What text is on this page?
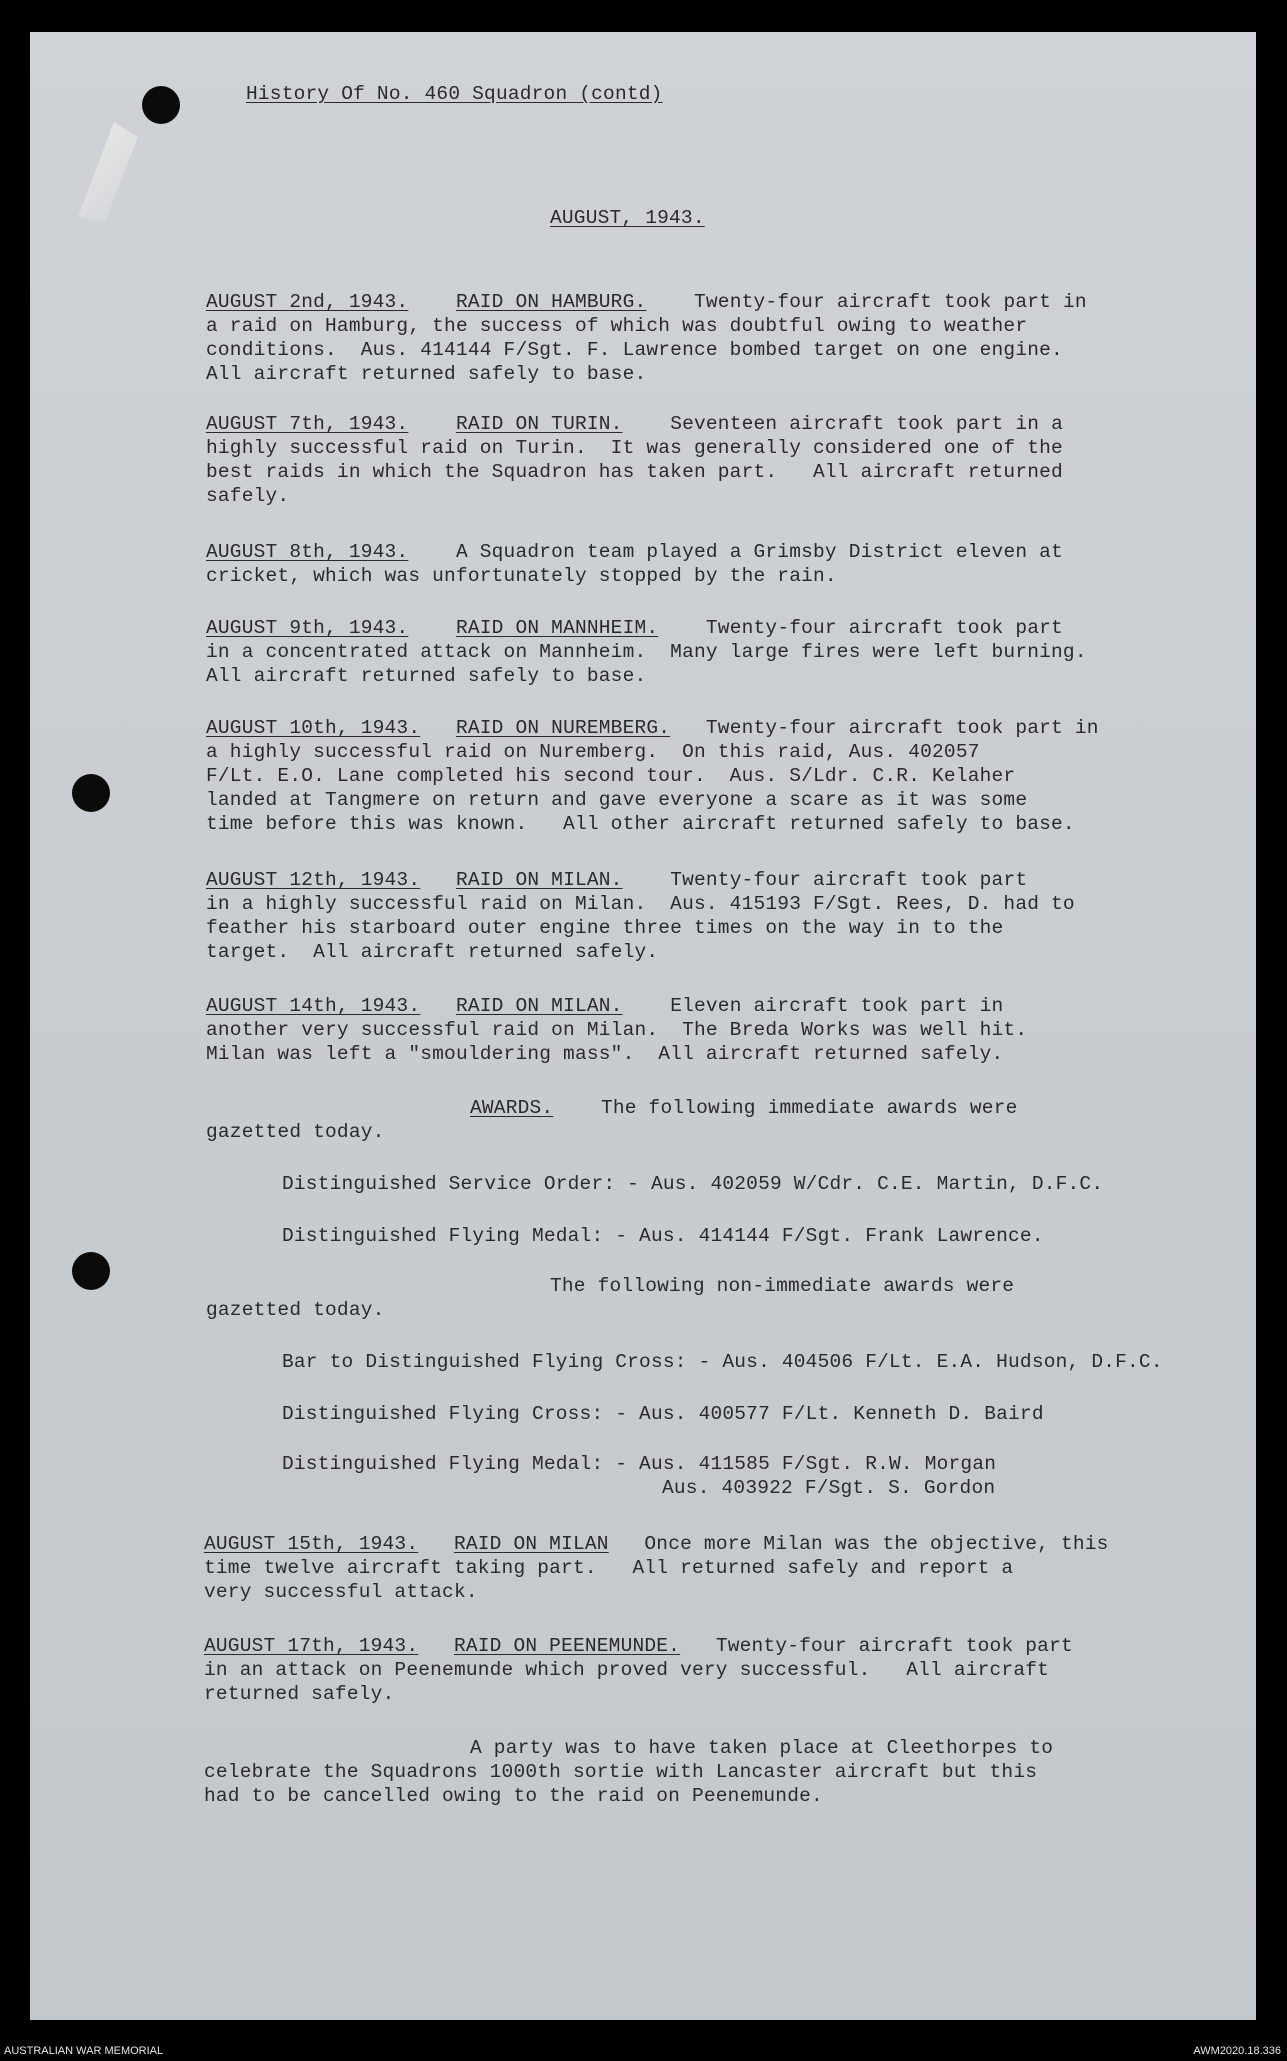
History Of No. 460 Squadron (contd)
AUGUST, 1943.
AUGUST 2nd, 1943. RAID ON HAMBURG. Twenty-four aircraft took part in
a raid on Hamburg, the success of which was doubtful owing to weather
conditions.  Aus. 414144 F/Sgt. F. Lawrence bombed target on one engine.
All aircraft returned safely to base.
AUGUST 7th, 1943. RAID ON TURIN. Seventeen aircraft took part in a
highly successful raid on Turin.  It was generally considered one of the
best raids in which the Squadron has taken part.   All aircraft returned
safely.
AUGUST 8th, 1943. A Squadron team played a Grimsby District eleven at
cricket, which was unfortunately stopped by the rain.
AUGUST 9th, 1943. RAID ON MANNHEIM. Twenty-four aircraft took part
in a concentrated attack on Mannheim.  Many large fires were left burning.
All aircraft returned safely to base.
AUGUST 10th, 1943. RAID ON NUREMBERG. Twenty-four aircraft took part in
a highly successful raid on Nuremberg.  On this raid, Aus. 402057
F/Lt. E.O. Lane completed his second tour.  Aus. S/Ldr. C.R. Kelaher
landed at Tangmere on return and gave everyone a scare as it was some
time before this was known.   All other aircraft returned safely to base.
AUGUST 12th, 1943. RAID ON MILAN. Twenty-four aircraft took part
in a highly successful raid on Milan.  Aus. 415193 F/Sgt. Rees, D. had to
feather his starboard outer engine three times on the way in to the
target.  All aircraft returned safely.
AUGUST 14th, 1943. RAID ON MILAN. Eleven aircraft took part in
another very successful raid on Milan.  The Breda Works was well hit.
Milan was left a "smouldering mass".  All aircraft returned safely.
AWARDS. The following immediate awards were
gazetted today.
Distinguished Service Order: - Aus. 402059 W/Cdr. C.E. Martin, D.F.C.
Distinguished Flying Medal: - Aus. 414144 F/Sgt. Frank Lawrence.
The following non-immediate awards were
gazetted today.
Bar to Distinguished Flying Cross: - Aus. 404506 F/Lt. E.A. Hudson, D.F.C.
Distinguished Flying Cross: - Aus. 400577 F/Lt. Kenneth D. Baird
Distinguished Flying Medal: - Aus. 411585 F/Sgt. R.W. Morgan
Aus. 403922 F/Sgt. S. Gordon
AUGUST 15th, 1943. RAID ON MILAN Once more Milan was the objective, this
time twelve aircraft taking part.   All returned safely and report a
very successful attack.
AUGUST 17th, 1943. RAID ON PEENEMUNDE. Twenty-four aircraft took part
in an attack on Peenemunde which proved very successful.   All aircraft
returned safely.
A party was to have taken place at Cleethorpes to
celebrate the Squadrons 1000th sortie with Lancaster aircraft but this
had to be cancelled owing to the raid on Peenemunde.
AUSTRALIAN WAR MEMORIAL	AWM2020.18.336
